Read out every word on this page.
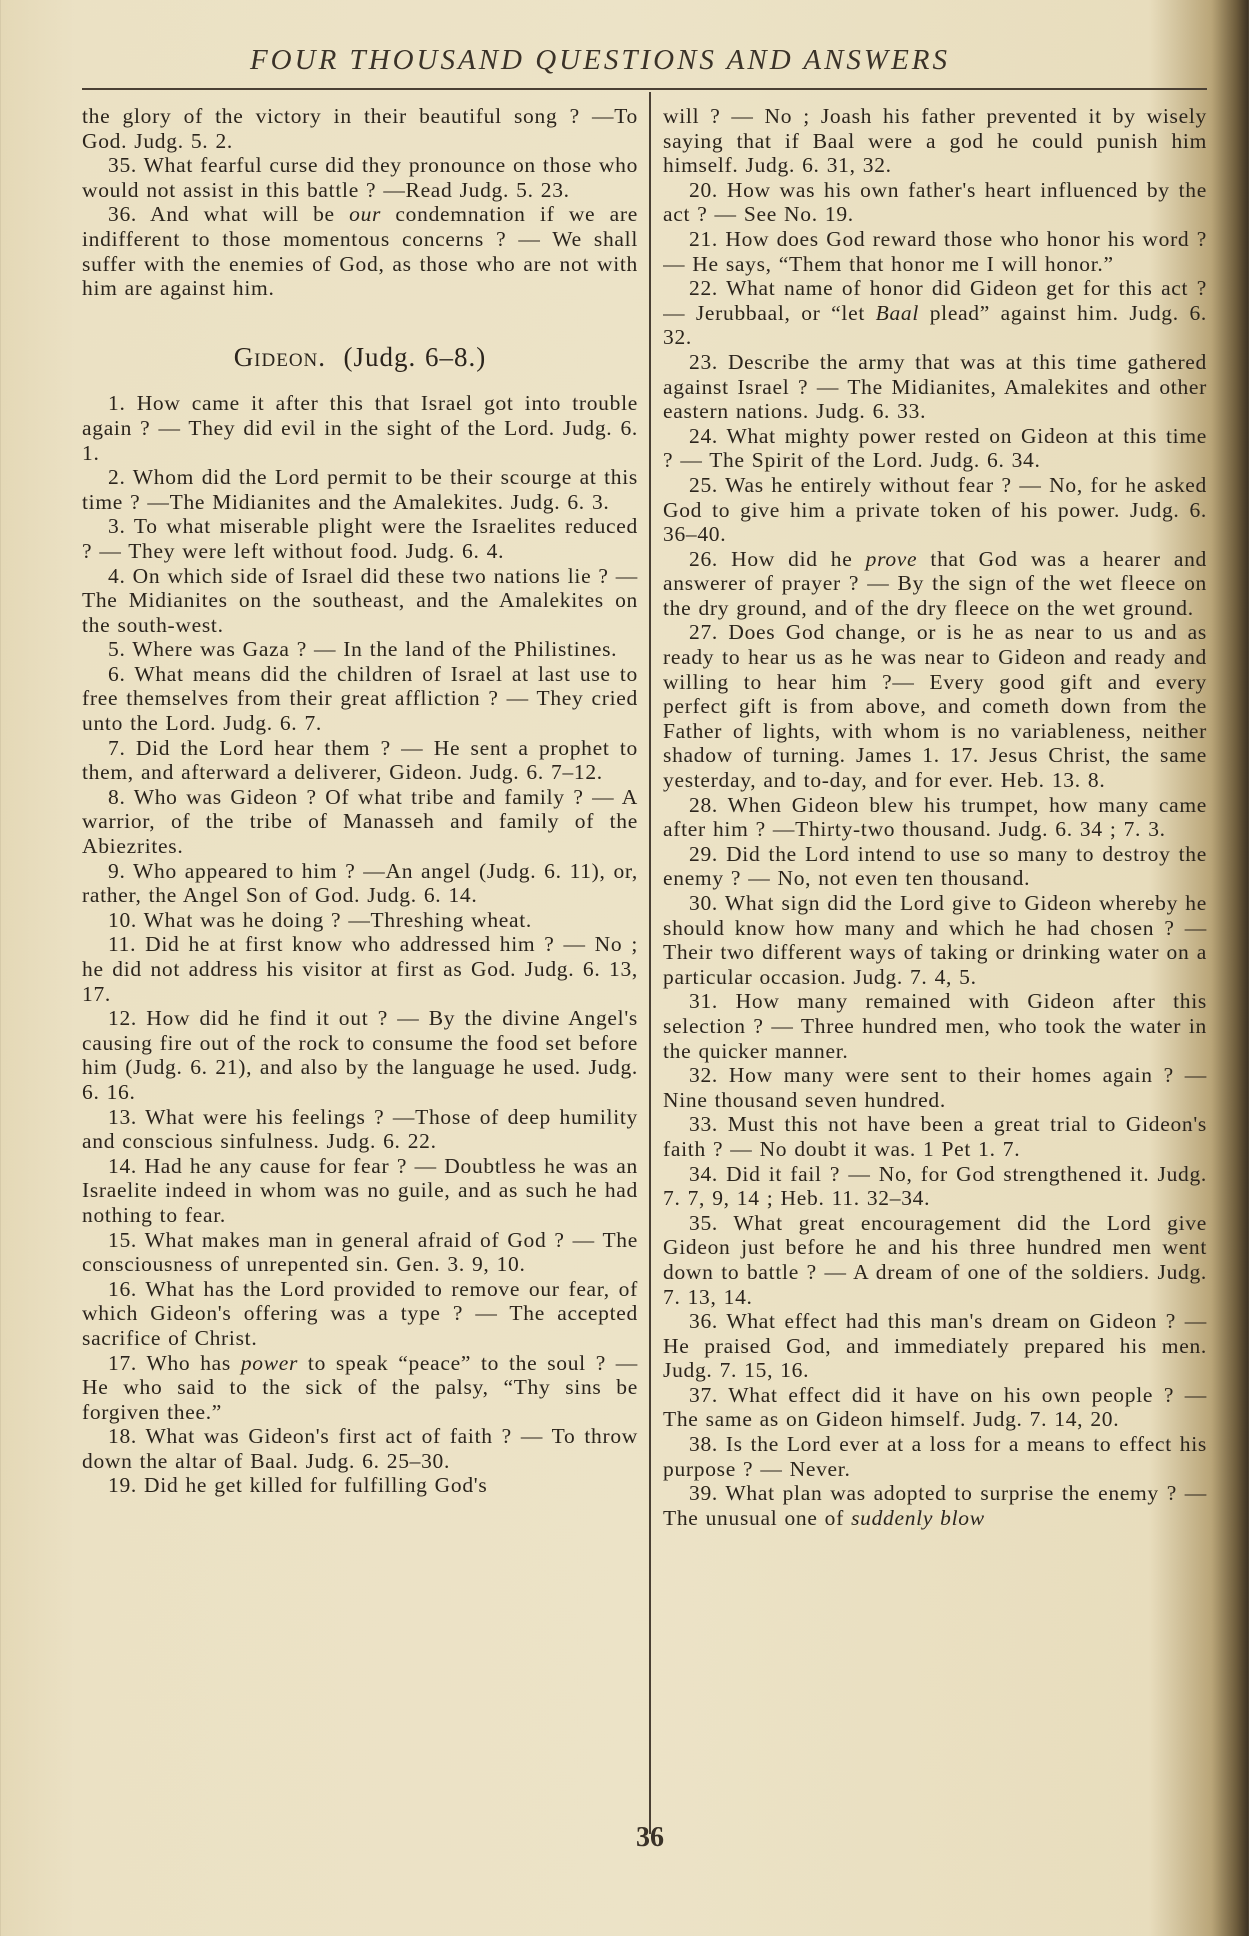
FOUR THOUSAND QUESTIONS AND ANSWERS

the glory of the victory in their beautiful song ? —To God. Judg. 5. 2.

35. What fearful curse did they pronounce on those who would not assist in this battle ? —Read Judg. 5. 23.

36. And what will be our condemnation if we are indifferent to those momentous concerns ? — We shall suffer with the enemies of God, as those who are not with him are against him.

Gideon. (Judg. 6–8.)

1. How came it after this that Israel got into trouble again ? — They did evil in the sight of the Lord. Judg. 6. 1.

2. Whom did the Lord permit to be their scourge at this time ? —The Midianites and the Amalekites. Judg. 6. 3.

3. To what miserable plight were the Israelites reduced ? — They were left without food. Judg. 6. 4.

4. On which side of Israel did these two nations lie ? — The Midianites on the southeast, and the Amalekites on the south-west.

5. Where was Gaza ? — In the land of the Philistines.

6. What means did the children of Israel at last use to free themselves from their great affliction ? — They cried unto the Lord. Judg. 6. 7.

7. Did the Lord hear them ? — He sent a prophet to them, and afterward a deliverer, Gideon. Judg. 6. 7–12.

8. Who was Gideon ? Of what tribe and family ? — A warrior, of the tribe of Manasseh and family of the Abiezrites.

9. Who appeared to him ? —An angel (Judg. 6. 11), or, rather, the Angel Son of God. Judg. 6. 14.

10. What was he doing ? —Threshing wheat.

11. Did he at first know who addressed him ? — No ; he did not address his visitor at first as God. Judg. 6. 13, 17.

12. How did he find it out ? — By the divine Angel's causing fire out of the rock to consume the food set before him (Judg. 6. 21), and also by the language he used. Judg. 6. 16.

13. What were his feelings ? —Those of deep humility and conscious sinfulness. Judg. 6. 22.

14. Had he any cause for fear ? — Doubtless he was an Israelite indeed in whom was no guile, and as such he had nothing to fear.

15. What makes man in general afraid of God ? — The consciousness of unrepented sin. Gen. 3. 9, 10.

16. What has the Lord provided to remove our fear, of which Gideon's offering was a type ? — The accepted sacrifice of Christ.

17. Who has power to speak “peace” to the soul ? — He who said to the sick of the palsy, “Thy sins be forgiven thee.”

18. What was Gideon's first act of faith ? — To throw down the altar of Baal. Judg. 6. 25–30.

19. Did he get killed for fulfilling God's

will ? — No ; Joash his father prevented it by wisely saying that if Baal were a god he could punish him himself. Judg. 6. 31, 32.

20. How was his own father's heart influenced by the act ? — See No. 19.

21. How does God reward those who honor his word ? — He says, “Them that honor me I will honor.”

22. What name of honor did Gideon get for this act ? — Jerubbaal, or “let Baal plead” against him. Judg. 6. 32.

23. Describe the army that was at this time gathered against Israel ? — The Midianites, Amalekites and other eastern nations. Judg. 6. 33.

24. What mighty power rested on Gideon at this time ? — The Spirit of the Lord. Judg. 6. 34.

25. Was he entirely without fear ? — No, for he asked God to give him a private token of his power. Judg. 6. 36–40.

26. How did he prove that God was a hearer and answerer of prayer ? — By the sign of the wet fleece on the dry ground, and of the dry fleece on the wet ground.

27. Does God change, or is he as near to us and as ready to hear us as he was near to Gideon and ready and willing to hear him ?— Every good gift and every perfect gift is from above, and cometh down from the Father of lights, with whom is no variableness, neither shadow of turning. James 1. 17. Jesus Christ, the same yesterday, and to-day, and for ever. Heb. 13. 8.

28. When Gideon blew his trumpet, how many came after him ? —Thirty-two thousand. Judg. 6. 34 ; 7. 3.

29. Did the Lord intend to use so many to destroy the enemy ? — No, not even ten thousand.

30. What sign did the Lord give to Gideon whereby he should know how many and which he had chosen ? — Their two different ways of taking or drinking water on a particular occasion. Judg. 7. 4, 5.

31. How many remained with Gideon after this selection ? — Three hundred men, who took the water in the quicker manner.

32. How many were sent to their homes again ? — Nine thousand seven hundred.

33. Must this not have been a great trial to Gideon's faith ? — No doubt it was. 1 Pet 1. 7.

34. Did it fail ? — No, for God strengthened it. Judg. 7. 7, 9, 14 ; Heb. 11. 32–34.

35. What great encouragement did the Lord give Gideon just before he and his three hundred men went down to battle ? — A dream of one of the soldiers. Judg. 7. 13, 14.

36. What effect had this man's dream on Gideon ? — He praised God, and immediately prepared his men. Judg. 7. 15, 16.

37. What effect did it have on his own people ? — The same as on Gideon himself. Judg. 7. 14, 20.

38. Is the Lord ever at a loss for a means to effect his purpose ? — Never.

39. What plan was adopted to surprise the enemy ? — The unusual one of suddenly blow

36
